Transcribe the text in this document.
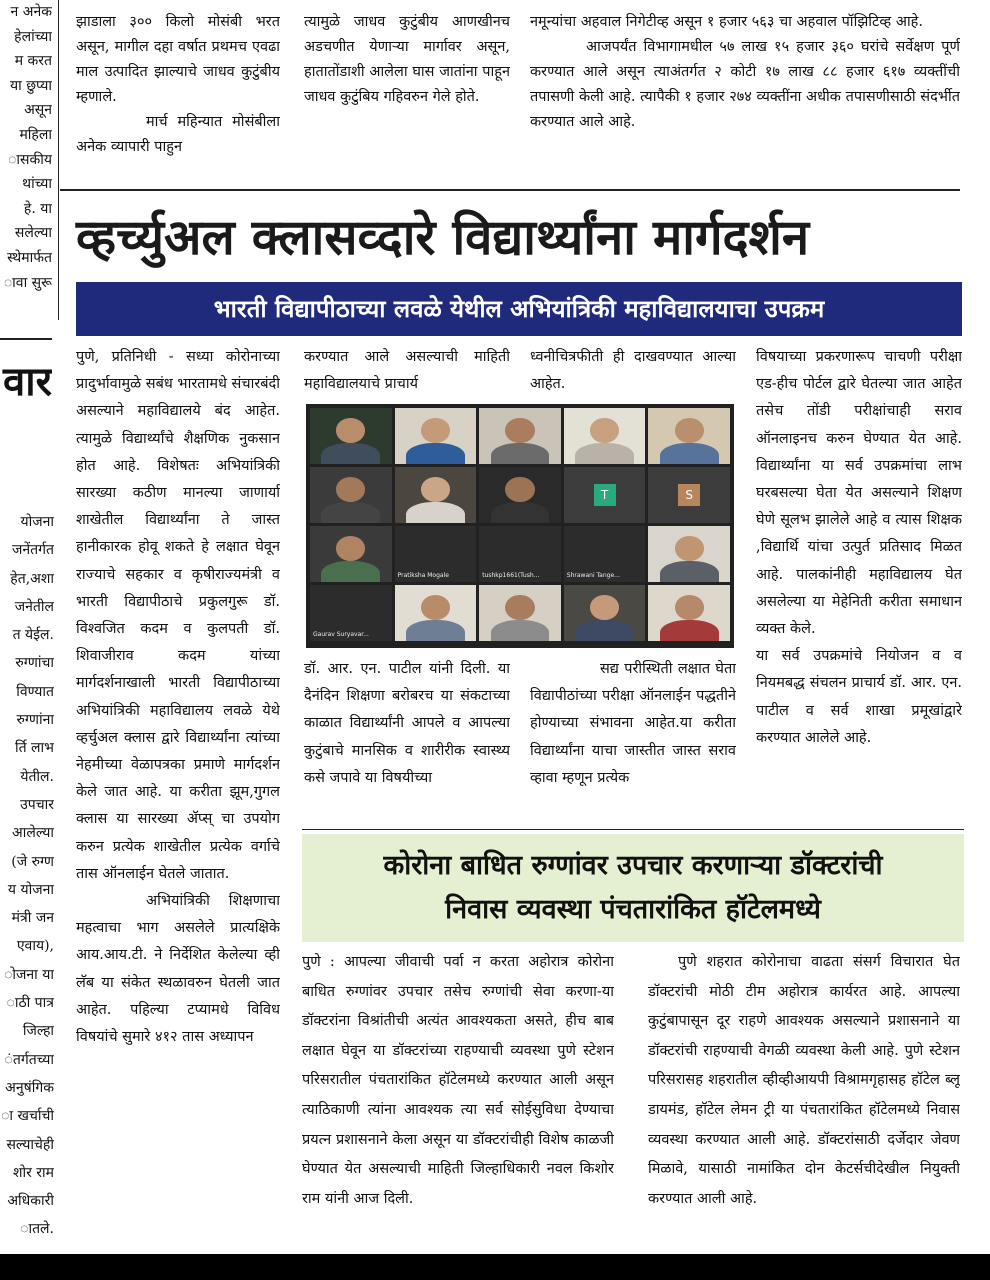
न अनेक
हेलांच्या
म करत
या छुप्या
असून
महिला
ासकीय
थांच्या
हे. या
सलेल्या
स्थेमार्फत
ावा सुरू

झाडाला ३०० किलो मोसंबी भरत असून, मागील दहा वर्षात प्रथमच एवढा माल उत्पादित झाल्याचे जाधव कुटुंबीय म्हणाले.

मार्च महिन्यात मोसंबीला अनेक व्यापारी पाहुन

त्यामुळे जाधव कुटुंबीय आणखीनच अडचणीत येणाऱ्या मार्गावर असून, हातातोंडाशी आलेला घास जातांना पाहून जाधव कुटुंबिय गहिवरुन गेले होते.

नमून्यांचा अहवाल निगेटीव्ह असून १ हजार ५६३ चा अहवाल पॉझिटिव्ह आहे.

आजपर्यंत विभागामधील ५७ लाख १५ हजार ३६० घरांचे सर्वेक्षण पूर्ण करण्यात आले असून त्याअंतर्गत २ कोटी १७ लाख ८८ हजार ६१७ व्यक्तींची तपासणी केली आहे. त्यापैकी १ हजार २७४ व्यक्तींना अधीक तपासणीसाठी संदर्भीत करण्यात आले आहे.

व्हर्च्युअल क्लासव्दारे विद्यार्थ्यांना मार्गदर्शन
भारती विद्यापीठाच्या लवळे येथील अभियांत्रिकी महाविद्यालयाचा उपक्रम
वार
योजना
जनेंतर्गत
हेत,अशा
जनेतील
त येईल.
रुग्णांचा
विण्यात
रुग्णांना
र्ति लाभ
येतील.
उपचार
आलेल्या
(जे रुग्ण
य योजना
मंत्री जन
एवाय),
ोजना या
ाठी पात्र
जिल्हा
ंतर्गतच्या
अनुषंगिक
ा खर्चाची
सल्याचेही
शोर राम
अधिकारी
ातले.

पुणे, प्रतिनिधी - सध्या कोरोनाच्या प्रादुर्भावामुळे सबंध भारतामधे संचारबंदी असल्याने महाविद्यालये बंद आहेत. त्यामुळे विद्यार्थ्यांचे शैक्षणिक नुकसान होत आहे. विशेषतः अभियांत्रिकी सारख्या कठीण मानल्या जाणार्या शाखेतील विद्यार्थ्यांना ते जास्त हानीकारक होवू शकते हे लक्षात घेवून राज्याचे सहकार व कृषीराज्यमंत्री व भारती विद्यापीठाचे प्रकुलगुरू डॉ. विश्वजित कदम व कुलपती डॉ. शिवाजीराव कदम यांच्या मार्गदर्शनाखाली भारती विद्यापीठाच्या अभियांत्रिकी महाविद्यालय लवळे येथे व्हर्चुअल क्लास द्वारे विद्यार्थ्यांना त्यांच्या नेहमीच्या वेळापत्रका प्रमाणे मार्गदर्शन केले जात आहे. या करीता झूम,गुगल क्लास या सारख्या ॲप्स् चा उपयोग करुन प्रत्येक शाखेतील प्रत्येक वर्गाचे तास ऑनलाईन घेतले जातात.

अभियांत्रिकी शिक्षणाचा महत्वाचा भाग असलेले प्रात्यक्षिके आय.आय.टी. ने निर्देशित केलेल्या व्ही लॅब या संकेत स्थळावरुन घेतली जात आहेत. पहिल्या टप्यामधे विविध विषयांचे सुमारे ४१२ तास अध्यापन

करण्यात आले असल्याची माहिती महाविद्यालयाचे प्राचार्य

ध्वनीचित्रफीती ही दाखवण्यात आल्या आहेत.

T	S
Pratiksha Mogale	tushkp1661(Tush...	Shrawani Tange...
Gaurav Suryavar...

डॉ. आर. एन. पाटील यांनी दिली. या दैनंदिन शिक्षणा बरोबरच या संकटाच्या काळात विद्यार्थ्यांनी आपले व आपल्या कुटुंबाचे मानसिक व शारीरीक स्वास्थ्य कसे जपावे या विषयीच्या

सद्य परीस्थिती लक्षात घेता विद्यापीठांच्या परीक्षा ऑनलाईन पद्धतीने होण्याच्या संभावना आहेत.या करीता विद्यार्थ्यांना याचा जास्तीत जास्त सराव व्हावा म्हणून प्रत्येक

विषयाच्या प्रकरणारूप चाचणी परीक्षा एड-हीच पोर्टल द्वारे घेतल्या जात आहेत तसेच तोंडी परीक्षांचाही सराव ऑनलाइनच करुन घेण्यात येत आहे. विद्यार्थ्यांना या सर्व उपक्रमांचा लाभ घरबसल्या घेता येत असल्याने शिक्षण घेणे सूलभ झालेले आहे व त्यास शिक्षक ,विद्यार्थि यांचा उत्पुर्त प्रतिसाद मिळत आहे. पालकांनीही महाविद्यालय घेत असलेल्या या मेहेनिती करीता समाधान व्यक्त केले.

या सर्व उपक्रमांचे नियोजन व व नियमबद्ध संचलन प्राचार्य डॉ. आर. एन. पाटील व सर्व शाखा प्रमूखांद्वारे करण्यात आलेले आहे.

कोरोना बाधित रुग्णांवर उपचार करणाऱ्या डॉक्टरांची
निवास व्यवस्था पंचतारांकित हॉटेलमध्ये

पुणे : आपल्या जीवाची पर्वा न करता अहोरात्र कोरोना बाधित रुग्णांवर उपचार तसेच रुग्णांची सेवा करणा-या डॉक्टरांना विश्रांतीची अत्यंत आवश्यकता असते, हीच बाब लक्षात घेवून या डॉक्टरांच्या राहण्याची व्यवस्था पुणे स्टेशन परिसरातील पंचतारांकित हॉटेलमध्ये करण्यात आली असून त्याठिकाणी त्यांना आवश्यक त्या सर्व सोईसुविधा देण्याचा प्रयत्न प्रशासनाने केला असून या डॉक्टरांचीही विशेष काळजी घेण्यात येत असल्याची माहिती जिल्हाधिकारी नवल किशोर राम यांनी आज दिली.

पुणे शहरात कोरोनाचा वाढता संसर्ग विचारात घेत डॉक्टरांची मोठी टीम अहोरात्र कार्यरत आहे. आपल्या कुटुंबापासून दूर राहणे आवश्यक असल्याने प्रशासनाने या डॉक्टरांची राहण्याची वेगळी व्यवस्था केली आहे. पुणे स्टेशन परिसरासह शहरातील व्हीव्हीआयपी विश्रामगृहासह हॉटेल ब्लू डायमंड, हॉटेल लेमन ट्री या पंचतारांकित हॉटेलमध्ये निवास व्यवस्था करण्यात आली आहे. डॉक्टरांसाठी दर्जेदार जेवण मिळावे, यासाठी नामांकित दोन केटर्सचीदेखील नियुक्ती करण्यात आली आहे.
